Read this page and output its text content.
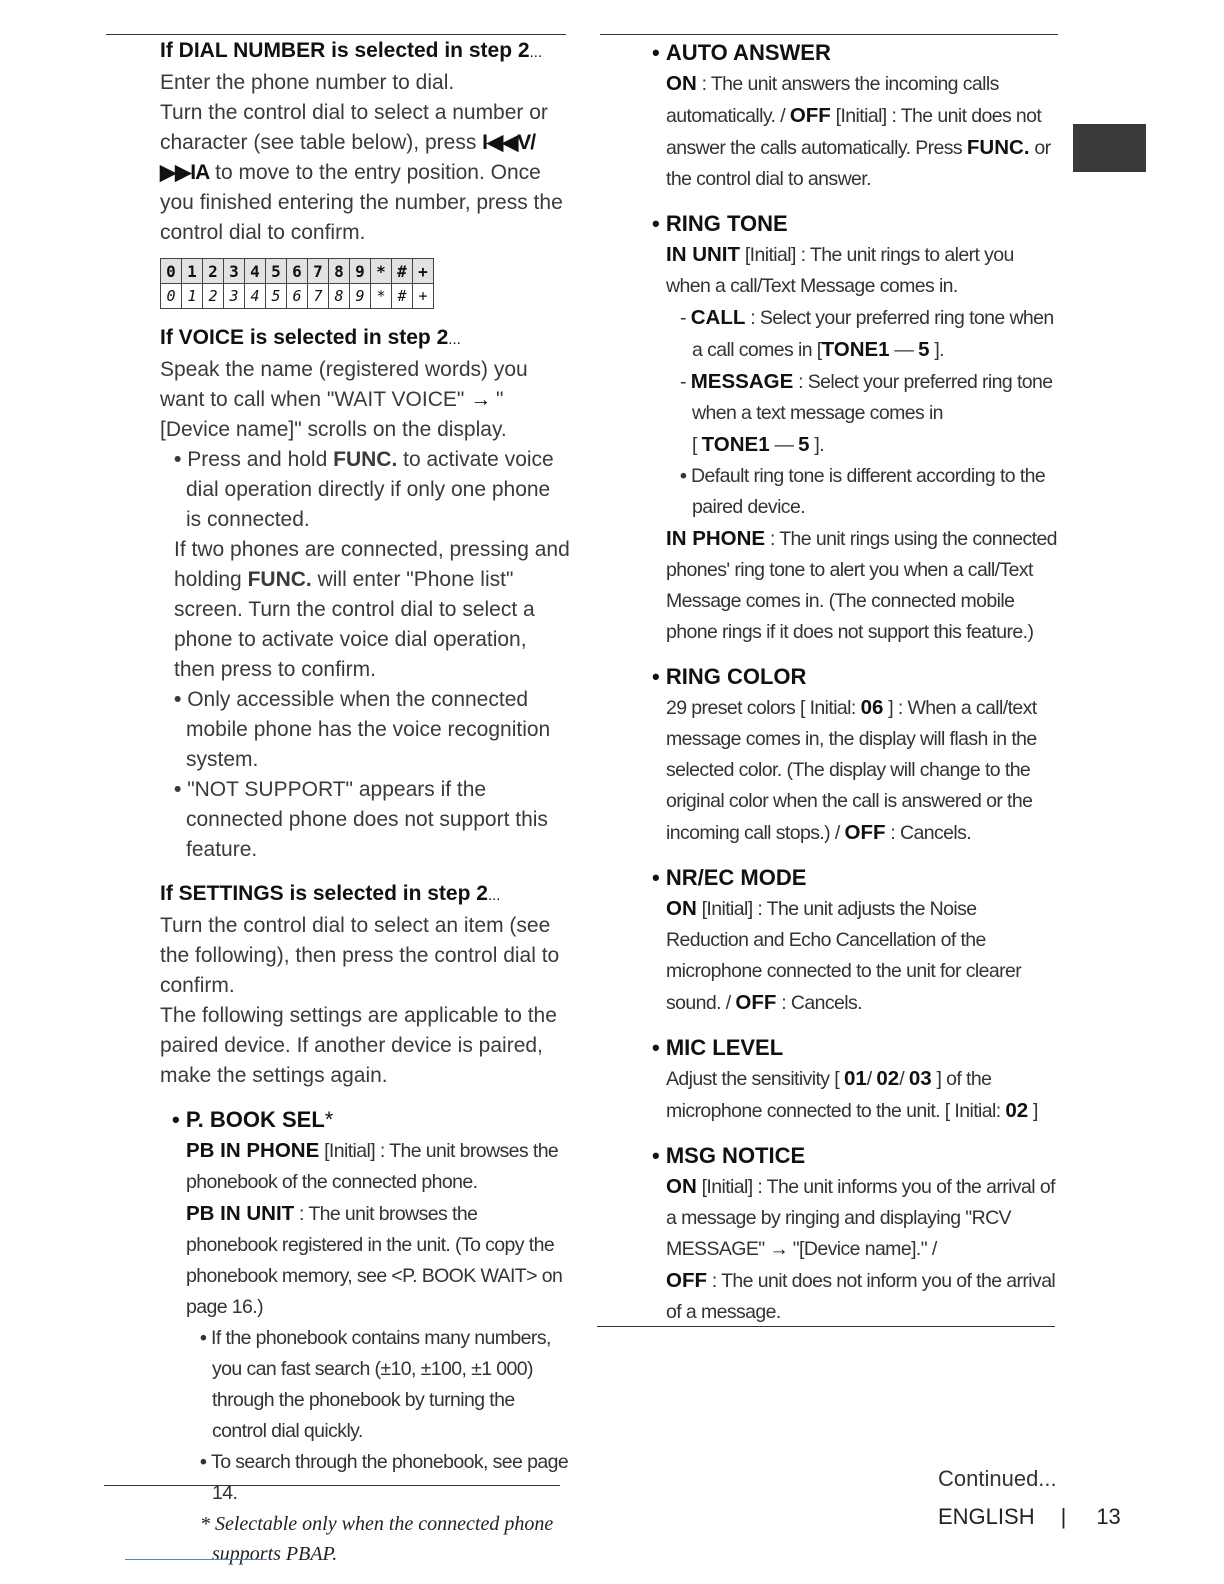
If DIAL NUMBER is selected in step 2...
Enter the phone number to dial.
Turn the control dial to select a number or character (see table below), press I◀◀V/▶▶IA to move to the entry position. Once you finished entering the number, press the control dial to confirm.
0	1	2	3	4	5	6	7	8	9	*	#	+
0	1	2	3	4	5	6	7	8	9	*	#	+
If VOICE is selected in step 2...
Speak the name (registered words) you want to call when "WAIT VOICE" → "[Device name]" scrolls on the display.
• Press and hold FUNC. to activate voice dial operation directly if only one phone is connected.
If two phones are connected, pressing and holding FUNC. will enter "Phone list" screen. Turn the control dial to select a phone to activate voice dial operation, then press to confirm.
• Only accessible when the connected mobile phone has the voice recognition system.
• "NOT SUPPORT" appears if the connected phone does not support this feature.
If SETTINGS is selected in step 2...
Turn the control dial to select an item (see the following), then press the control dial to confirm.
The following settings are applicable to the paired device. If another device is paired, make the settings again.
• P. BOOK SEL*
PB IN PHONE [Initial] : The unit browses the phonebook of the connected phone.
PB IN UNIT : The unit browses the phonebook registered in the unit. (To copy the phonebook memory, see <P. BOOK WAIT> on page 16.)
• If the phonebook contains many numbers, you can fast search (±10, ±100, ±1 000) through the phonebook by turning the control dial quickly.
• To search through the phonebook, see page 14.
* Selectable only when the connected phone supports PBAP.
• AUTO ANSWER
ON : The unit answers the incoming calls automatically. / OFF [Initial] : The unit does not answer the calls automatically. Press FUNC. or the control dial to answer.
• RING TONE
IN UNIT [Initial] : The unit rings to alert you when a call/Text Message comes in.
- CALL : Select your preferred ring tone when a call comes in [TONE1 — 5 ].
- MESSAGE : Select your preferred ring tone when a text message comes in
[ TONE1 — 5 ].
• Default ring tone is different according to the paired device.
IN PHONE : The unit rings using the connected phones' ring tone to alert you when a call/Text Message comes in. (The connected mobile phone rings if it does not support this feature.)
• RING COLOR
29 preset colors [ Initial: 06 ] : When a call/text message comes in, the display will flash in the selected color. (The display will change to the original color when the call is answered or the incoming call stops.) / OFF : Cancels.
• NR/EC MODE
ON [Initial] : The unit adjusts the Noise Reduction and Echo Cancellation of the microphone connected to the unit for clearer sound. / OFF : Cancels.
• MIC LEVEL
Adjust the sensitivity [ 01/ 02/ 03 ] of the microphone connected to the unit. [ Initial: 02 ]
• MSG NOTICE
ON [Initial] : The unit informs you of the arrival of a message by ringing and displaying "RCV MESSAGE" → "[Device name]." /
OFF : The unit does not inform you of the arrival of a message.
Continued...
ENGLISH | 13
